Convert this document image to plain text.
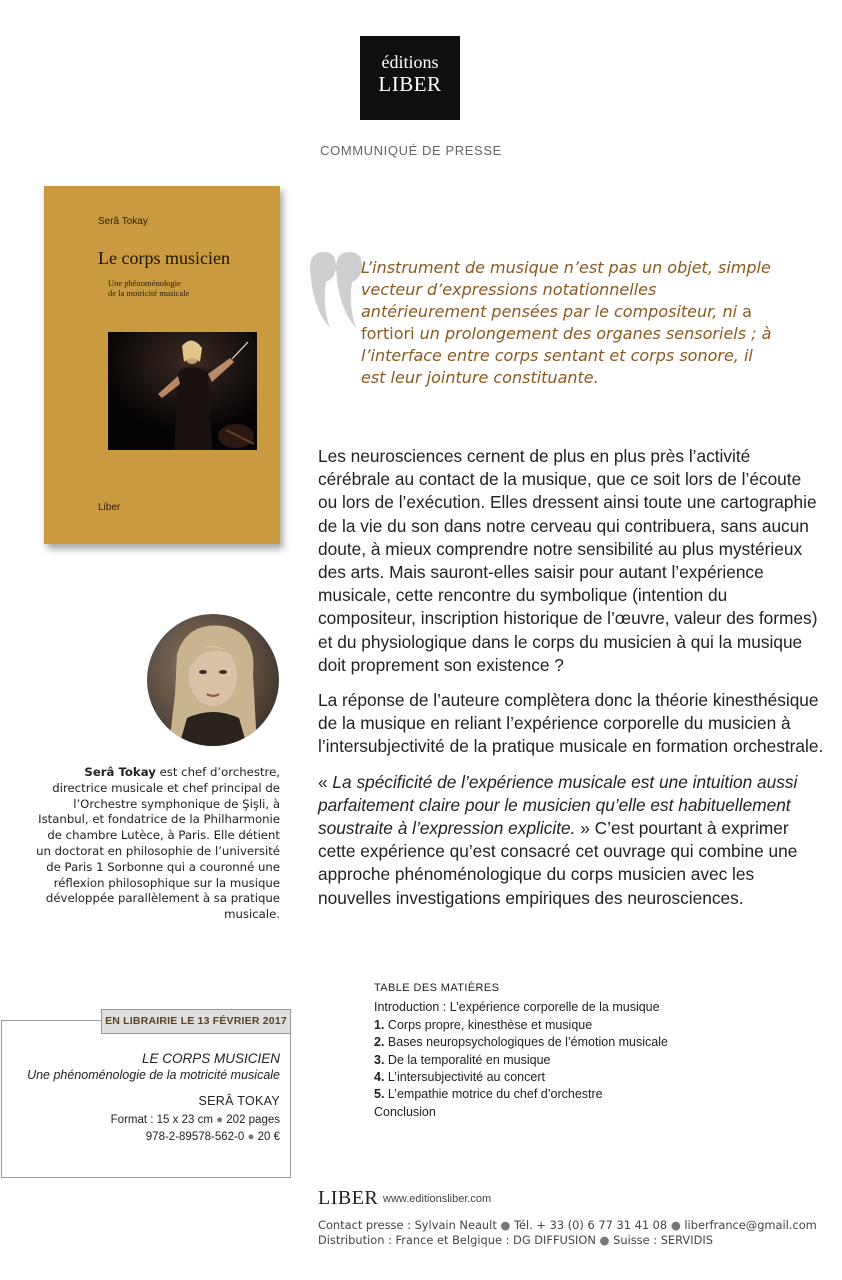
éditions
LIBER
COMMUNIQUÉ DE PRESSE
Serâ Tokay
Le corps musicien
Une phénoménologie
de la motricité musicale
Liber
L’instrument de musique n’est pas un objet, simple vecteur d’expressions notationnelles antérieurement pensées par le compositeur, ni a fortiori un prolongement des organes sensoriels ; à l’interface entre corps sentant et corps sonore, il est leur jointure constituante.

Les neurosciences cernent de plus en plus près l’activité cérébrale au contact de la musique, que ce soit lors de l’écoute ou lors de l’exécution. Elles dressent ainsi toute une cartographie de la vie du son dans notre cerveau qui contribuera, sans aucun doute, à mieux comprendre notre sensibilité au plus mystérieux des arts. Mais sauront-elles saisir pour autant l’expérience musicale, cette rencontre du symbolique (intention du compositeur, inscription historique de l’œuvre, valeur des formes) et du physiologique dans le corps du musicien à qui la musique doit proprement son existence ?

La réponse de l’auteure complètera donc la théorie kinesthésique de la musique en reliant l’expérience corporelle du musicien à l’intersubjectivité de la pratique musicale en formation orchestrale.

« La spécificité de l’expérience musicale est une intuition aussi parfaitement claire pour le musicien qu’elle est habituellement soustraite à l’expression explicite. » C’est pourtant à exprimer cette expérience qu’est consacré cet ouvrage qui combine une approche phénoménologique du corps musicien avec les nouvelles investigations empiriques des neurosciences.

Serâ Tokay est chef d’orchestre, directrice musicale et chef principal de l’Orchestre symphonique de Şişli, à Istanbul, et fondatrice de la Philharmonie de chambre Lutèce, à Paris. Elle détient un doctorat en philosophie de l’université de Paris 1 Sorbonne qui a couronné une réflexion philosophique sur la musique développée parallèlement à sa pratique musicale.
EN LIBRAIRIE LE 13 FÉVRIER 2017
LE CORPS MUSICIEN
Une phénoménologie de la motricité musicale
SERÂ TOKAY
Format : 15 x 23 cm ● 202 pages
978-2-89578-562-0 ● 20 €
TABLE DES MATIÈRES
Introduction : L’expérience corporelle de la musique
1. Corps propre, kinesthèse et musique
2. Bases neuropsychologiques de l’émotion musicale
3. De la temporalité en musique
4. L’intersubjectivité au concert
5. L’empathie motrice du chef d’orchestre
Conclusion
LIBER www.editionsliber.com
Contact presse : Sylvain Neault ● Tél. + 33 (0) 6 77 31 41 08 ● liberfrance@gmail.com
Distribution : France et Belgique : DG DIFFUSION ● Suisse : SERVIDIS
